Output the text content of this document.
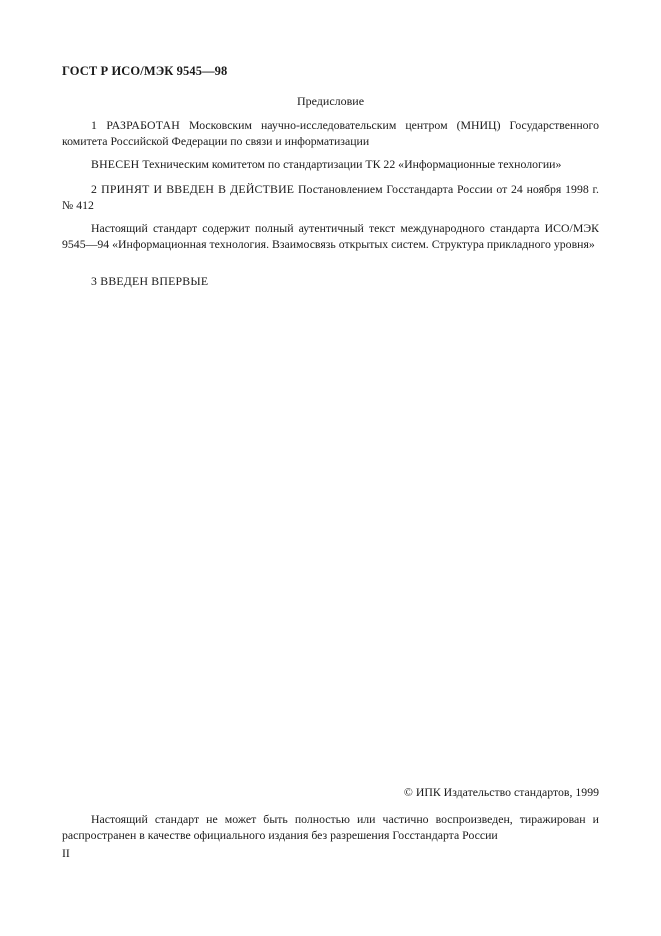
ГОСТ Р ИСО/МЭК 9545—98
Предисловие

1 РАЗРАБОТАН Московским научно-исследовательским центром (МНИЦ) Государственного комитета Российской Федерации по связи и информатизации

ВНЕСЕН Техническим комитетом по стандартизации ТК 22 «Информационные технологии»

2 ПРИНЯТ И ВВЕДЕН В ДЕЙСТВИЕ Постановлением Госстандарта России от 24 ноября 1998 г. № 412

Настоящий стандарт содержит полный аутентичный текст международного стандарта ИСО/МЭК 9545—94 «Информационная технология. Взаимосвязь открытых систем. Структура прикладного уровня»

3 ВВЕДЕН ВПЕРВЫЕ

© ИПК Издательство стандартов, 1999

Настоящий стандарт не может быть полностью или частично воспроизведен, тиражирован и распространен в качестве официального издания без разрешения Госстандарта России

II
